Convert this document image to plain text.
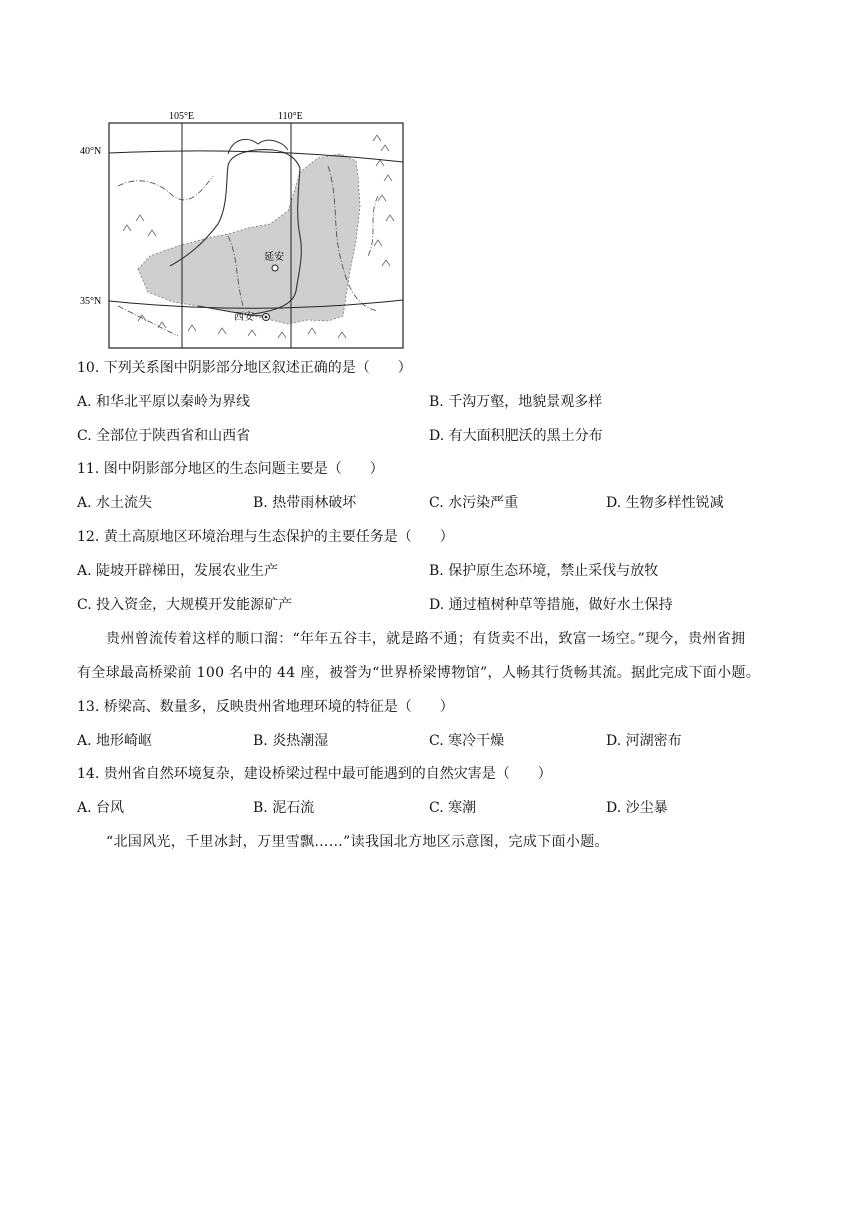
105°E	110°E
40°N
35°N
延安
西安
10. 下列关系图中阴影部分地区叙述正确的是（　　）
A. 和华北平原以秦岭为界线	B. 千沟万壑，地貌景观多样
C. 全部位于陕西省和山西省	D. 有大面积肥沃的黑土分布
11. 图中阴影部分地区的生态问题主要是（　　）
A. 水土流失	B. 热带雨林破坏	C. 水污染严重	D. 生物多样性锐减
12. 黄土高原地区环境治理与生态保护的主要任务是（　　）
A. 陡坡开辟梯田，发展农业生产	B. 保护原生态环境，禁止采伐与放牧
C. 投入资金，大规模开发能源矿产	D. 通过植树种草等措施，做好水土保持
贵州曾流传着这样的顺口溜：“年年五谷丰，就是路不通；有货卖不出，致富一场空。”现今，贵州省拥
有全球最高桥梁前 100 名中的 44 座，被誉为“世界桥梁博物馆”，人畅其行货畅其流。据此完成下面小题。
13. 桥梁高、数量多，反映贵州省地理环境的特征是（　　）
A. 地形崎岖	B. 炎热潮湿	C. 寒冷干燥	D. 河湖密布
14. 贵州省自然环境复杂，建设桥梁过程中最可能遇到的自然灾害是（　　）
A. 台风	B. 泥石流	C. 寒潮	D. 沙尘暴
“北国风光，千里冰封，万里雪飘……”读我国北方地区示意图，完成下面小题。
